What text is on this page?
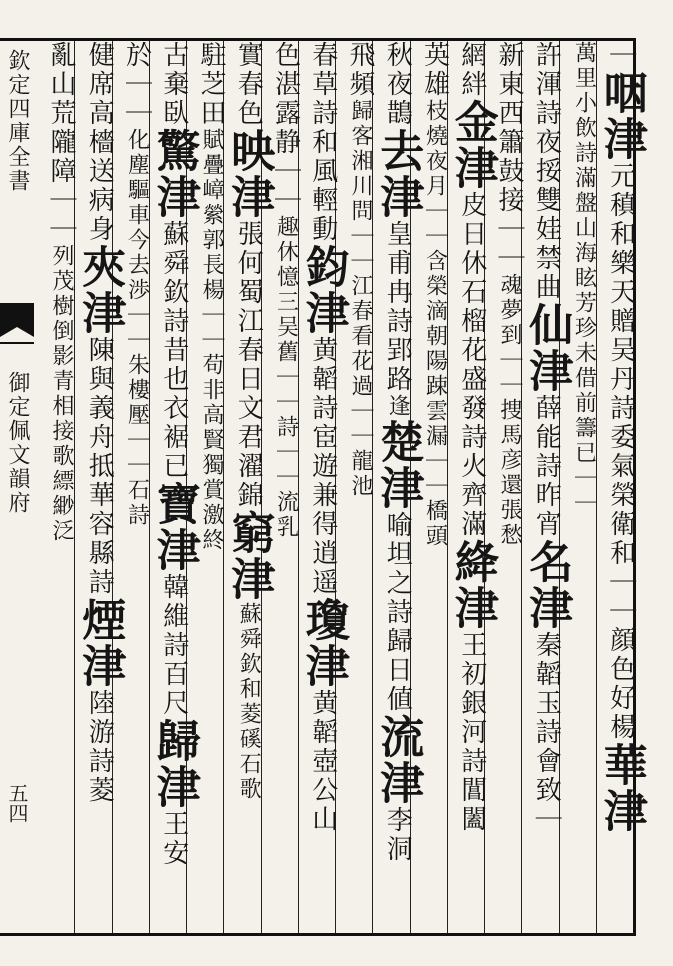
欽定四庫全書
御定佩文韻府
五四
｜咽津元稹和樂天贈吴丹詩委氣榮衛和｜｜顔色好楊華津
萬里小飲詩滿盤山海眩芳珍未借前籌已｜｜
許渾詩夜挼雙娃禁曲仙津薛能詩昨宵名津秦韜玉詩會致｜
新東西簫鼓接｜｜魂夢到｜｜捜馬彦還張愁
網絆金津皮日休石榴花盛發詩火齊滿絳津王初銀河詩閶闔
英雄枝燒夜月｜｜含榮滴朝陽踈雲漏｜｜橋頭
秋夜鵲去津皇甫冉詩郢路逢楚津喻坦之詩歸日値流津李洞
飛頻歸客湘川問｜｜江春看花過｜｜龍池
春草詩和風輕動鈞津黄韜詩宦遊兼得逍遥瓊津黄韜壺公山
色湛露静｜｜趣休憶三吴舊｜｜詩｜｜流乳
實春色映津張何蜀江春日文君濯錦窮津蘇舜欽和菱磎石歌
駐芝田賦疊嶂縈郭長楊｜｜苟非高賢獨賞激終
古棄臥驚津蘇舜欽詩昔也衣裾已寶津韓維詩百尺歸津王安
於｜｜化塵驅車今去渉｜｜朱樓壓｜｜石詩
健席高檣送病身夾津陳與義舟抵華容縣詩煙津陸游詩菱
亂山荒隴障｜｜列茂樹倒影青相接歌縹緲泛
